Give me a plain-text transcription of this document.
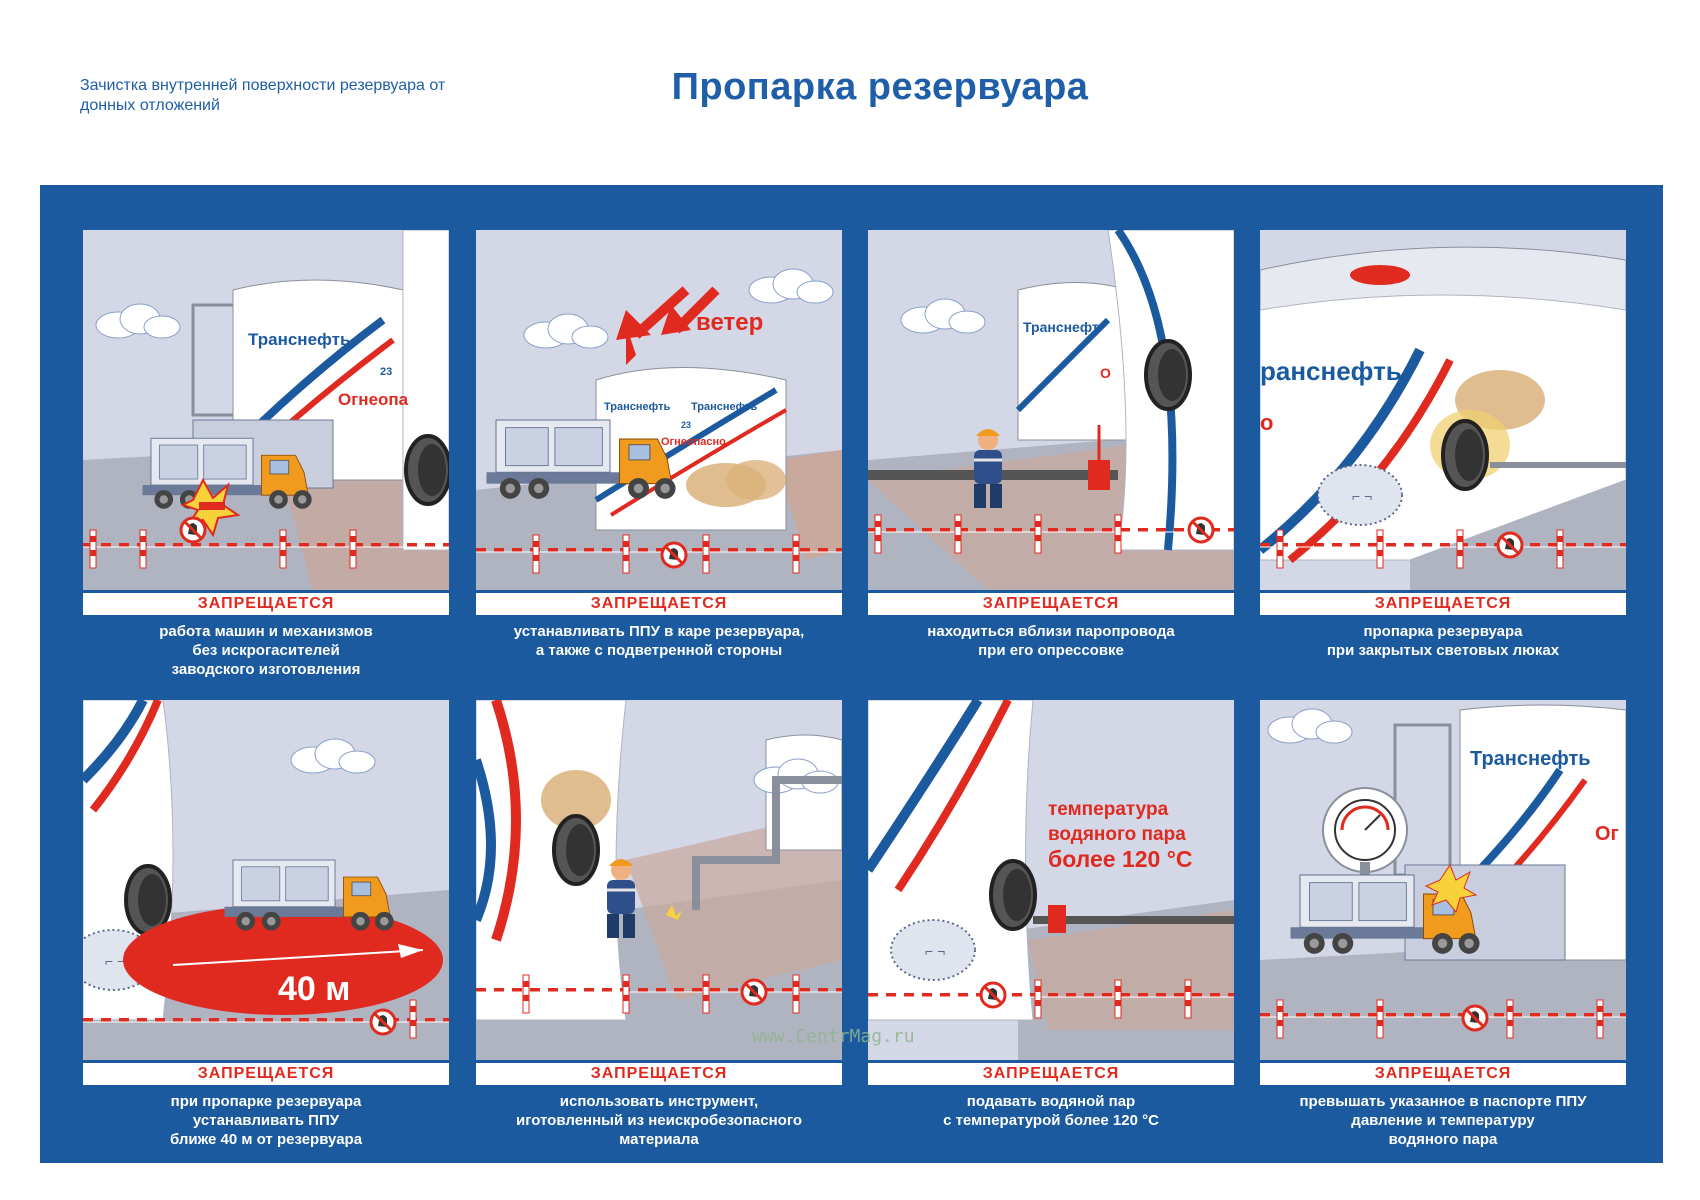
Зачистка внутренней поверхности резервуара от донных отложений	Пропарка резервуара
Транснефть
23
Огнеопа
ЗАПРЕЩАЕТСЯ
работа машин и механизмов
без искрогасителей
заводского изготовления
ветер
Транснефть Транснефть
23
Огнеопасно
ЗАПРЕЩАЕТСЯ
устанавливать ППУ в каре резервуара,
а также с подветренной стороны
Транснефт
О
ЗАПРЕЩАЕТСЯ
находиться вблизи паропровода
при его опрессовке
ранснефть
о
ЗАПРЕЩАЕТСЯ
пропарка резервуара
при закрытых световых люках
40 м
ЗАПРЕЩАЕТСЯ
при пропарке резервуара
устанавливать ППУ
ближе 40 м от резервуара
ЗАПРЕЩАЕТСЯ
использовать инструмент,
иготовленный из неискробезопасного
материала
температура
водяного пара
более 120 °C
ЗАПРЕЩАЕТСЯ
подавать водяной пар
с температурой более 120 °C
Транснефть
Ог
ЗАПРЕЩАЕТСЯ
превышать указанное в паспорте ППУ
давление и температуру
водяного пара
www.CentrMag.ru
